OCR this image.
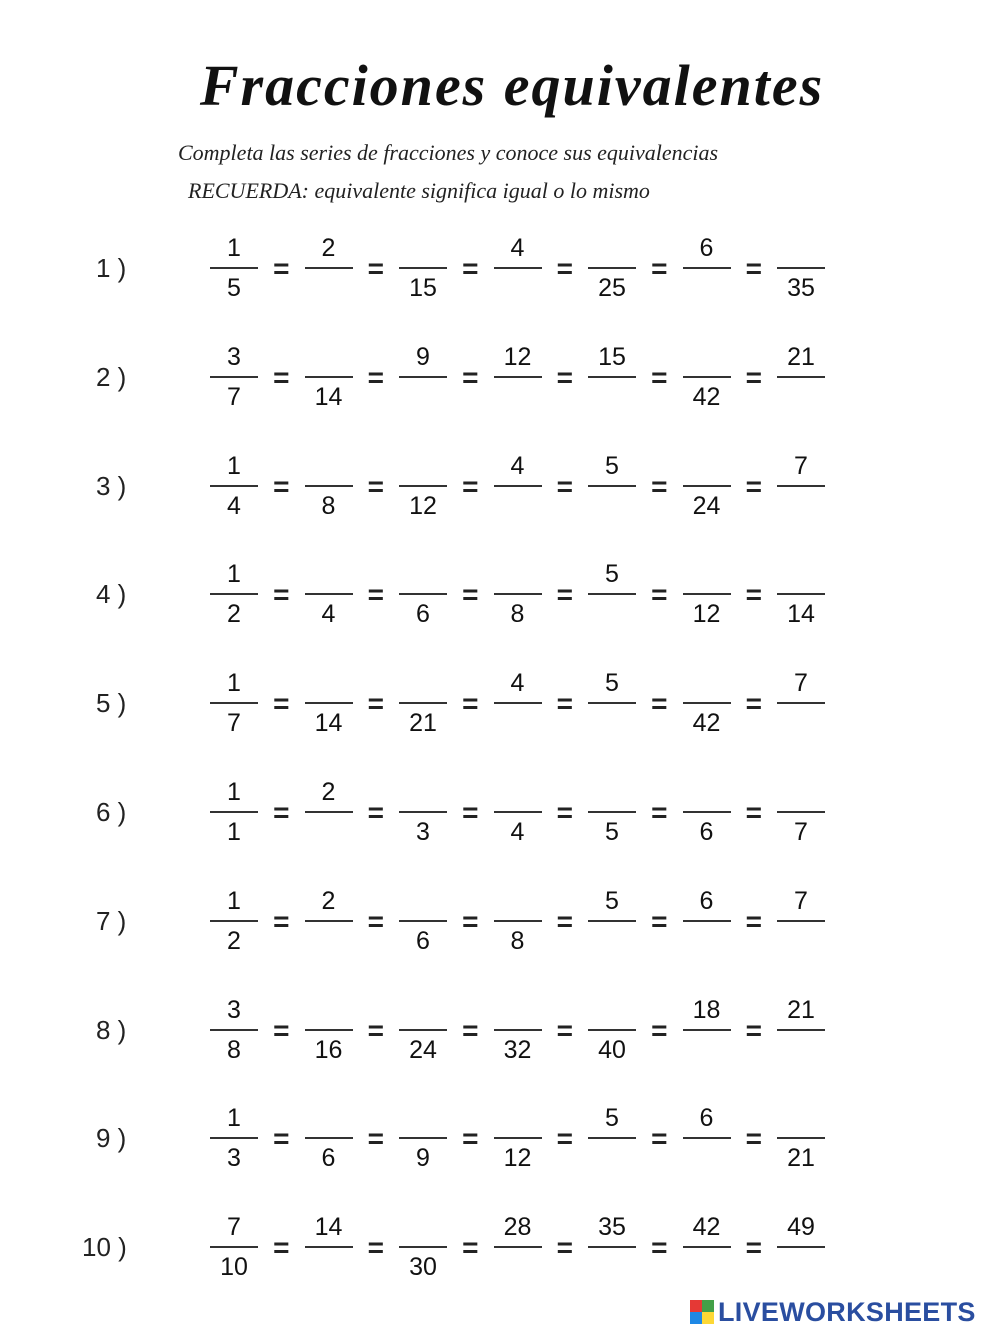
Fracciones equivalentes
Completa las series de fracciones y conoce sus equivalencias
RECUERDA: equivalente significa igual o lo mismo
1 )
1
5
=
2
=
15
=
4
=
25
=
6
=
35
2 )
3
7
=
14
=
9
=
12
=
15
=
42
=
21
3 )
1
4
=
8
=
12
=
4
=
5
=
24
=
7
4 )
1
2
=
4
=
6
=
8
=
5
=
12
=
14
5 )
1
7
=
14
=
21
=
4
=
5
=
42
=
7
6 )
1
1
=
2
=
3
=
4
=
5
=
6
=
7
7 )
1
2
=
2
=
6
=
8
=
5
=
6
=
7
8 )
3
8
=
16
=
24
=
32
=
40
=
18
=
21
9 )
1
3
=
6
=
9
=
12
=
5
=
6
=
21
10 )
7
10
=
14
=
30
=
28
=
35
=
42
=
49
LIVEWORKSHEETS
